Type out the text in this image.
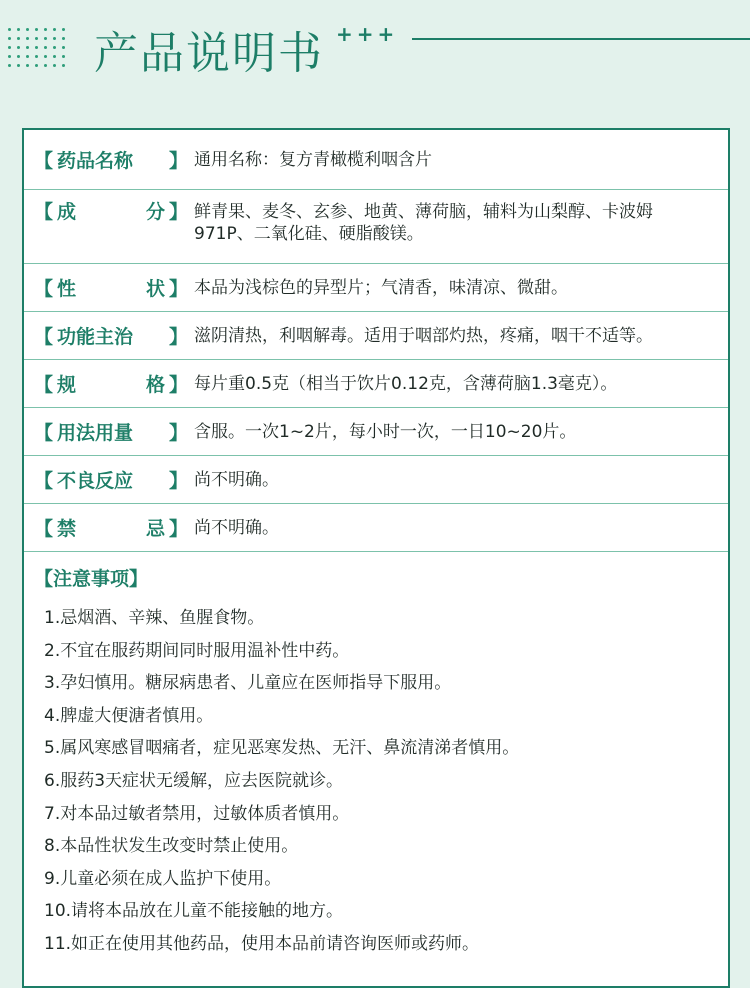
产品说明书 +++
【 药品名称 】 通用名称：复方青橄榄利咽含片
【 成	分 】 鲜青果、麦冬、玄参、地黄、薄荷脑，辅料为山梨醇、卡波姆
971P、二氧化硅、硬脂酸镁。
【 性	状 】 本品为浅棕色的异型片；气清香，味清凉、微甜。
【 功能主治 】 滋阴清热，利咽解毒。适用于咽部灼热，疼痛，咽干不适等。
【 规	格 】 每片重0.5克（相当于饮片0.12克，含薄荷脑1.3毫克）。
【 用法用量 】 含服。一次1~2片，每小时一次，一日10~20片。
【 不良反应 】 尚不明确。
【 禁	忌 】 尚不明确。
【注意事项】
1.忌烟酒、辛辣、鱼腥食物。
2.不宜在服药期间同时服用温补性中药。
3.孕妇慎用。糖尿病患者、儿童应在医师指导下服用。
4.脾虚大便溏者慎用。
5.属风寒感冒咽痛者，症见恶寒发热、无汗、鼻流清涕者慎用。
6.服药3天症状无缓解，应去医院就诊。
7.对本品过敏者禁用，过敏体质者慎用。
8.本品性状发生改变时禁止使用。
9.儿童必须在成人监护下使用。
10.请将本品放在儿童不能接触的地方。
11.如正在使用其他药品，使用本品前请咨询医师或药师。
